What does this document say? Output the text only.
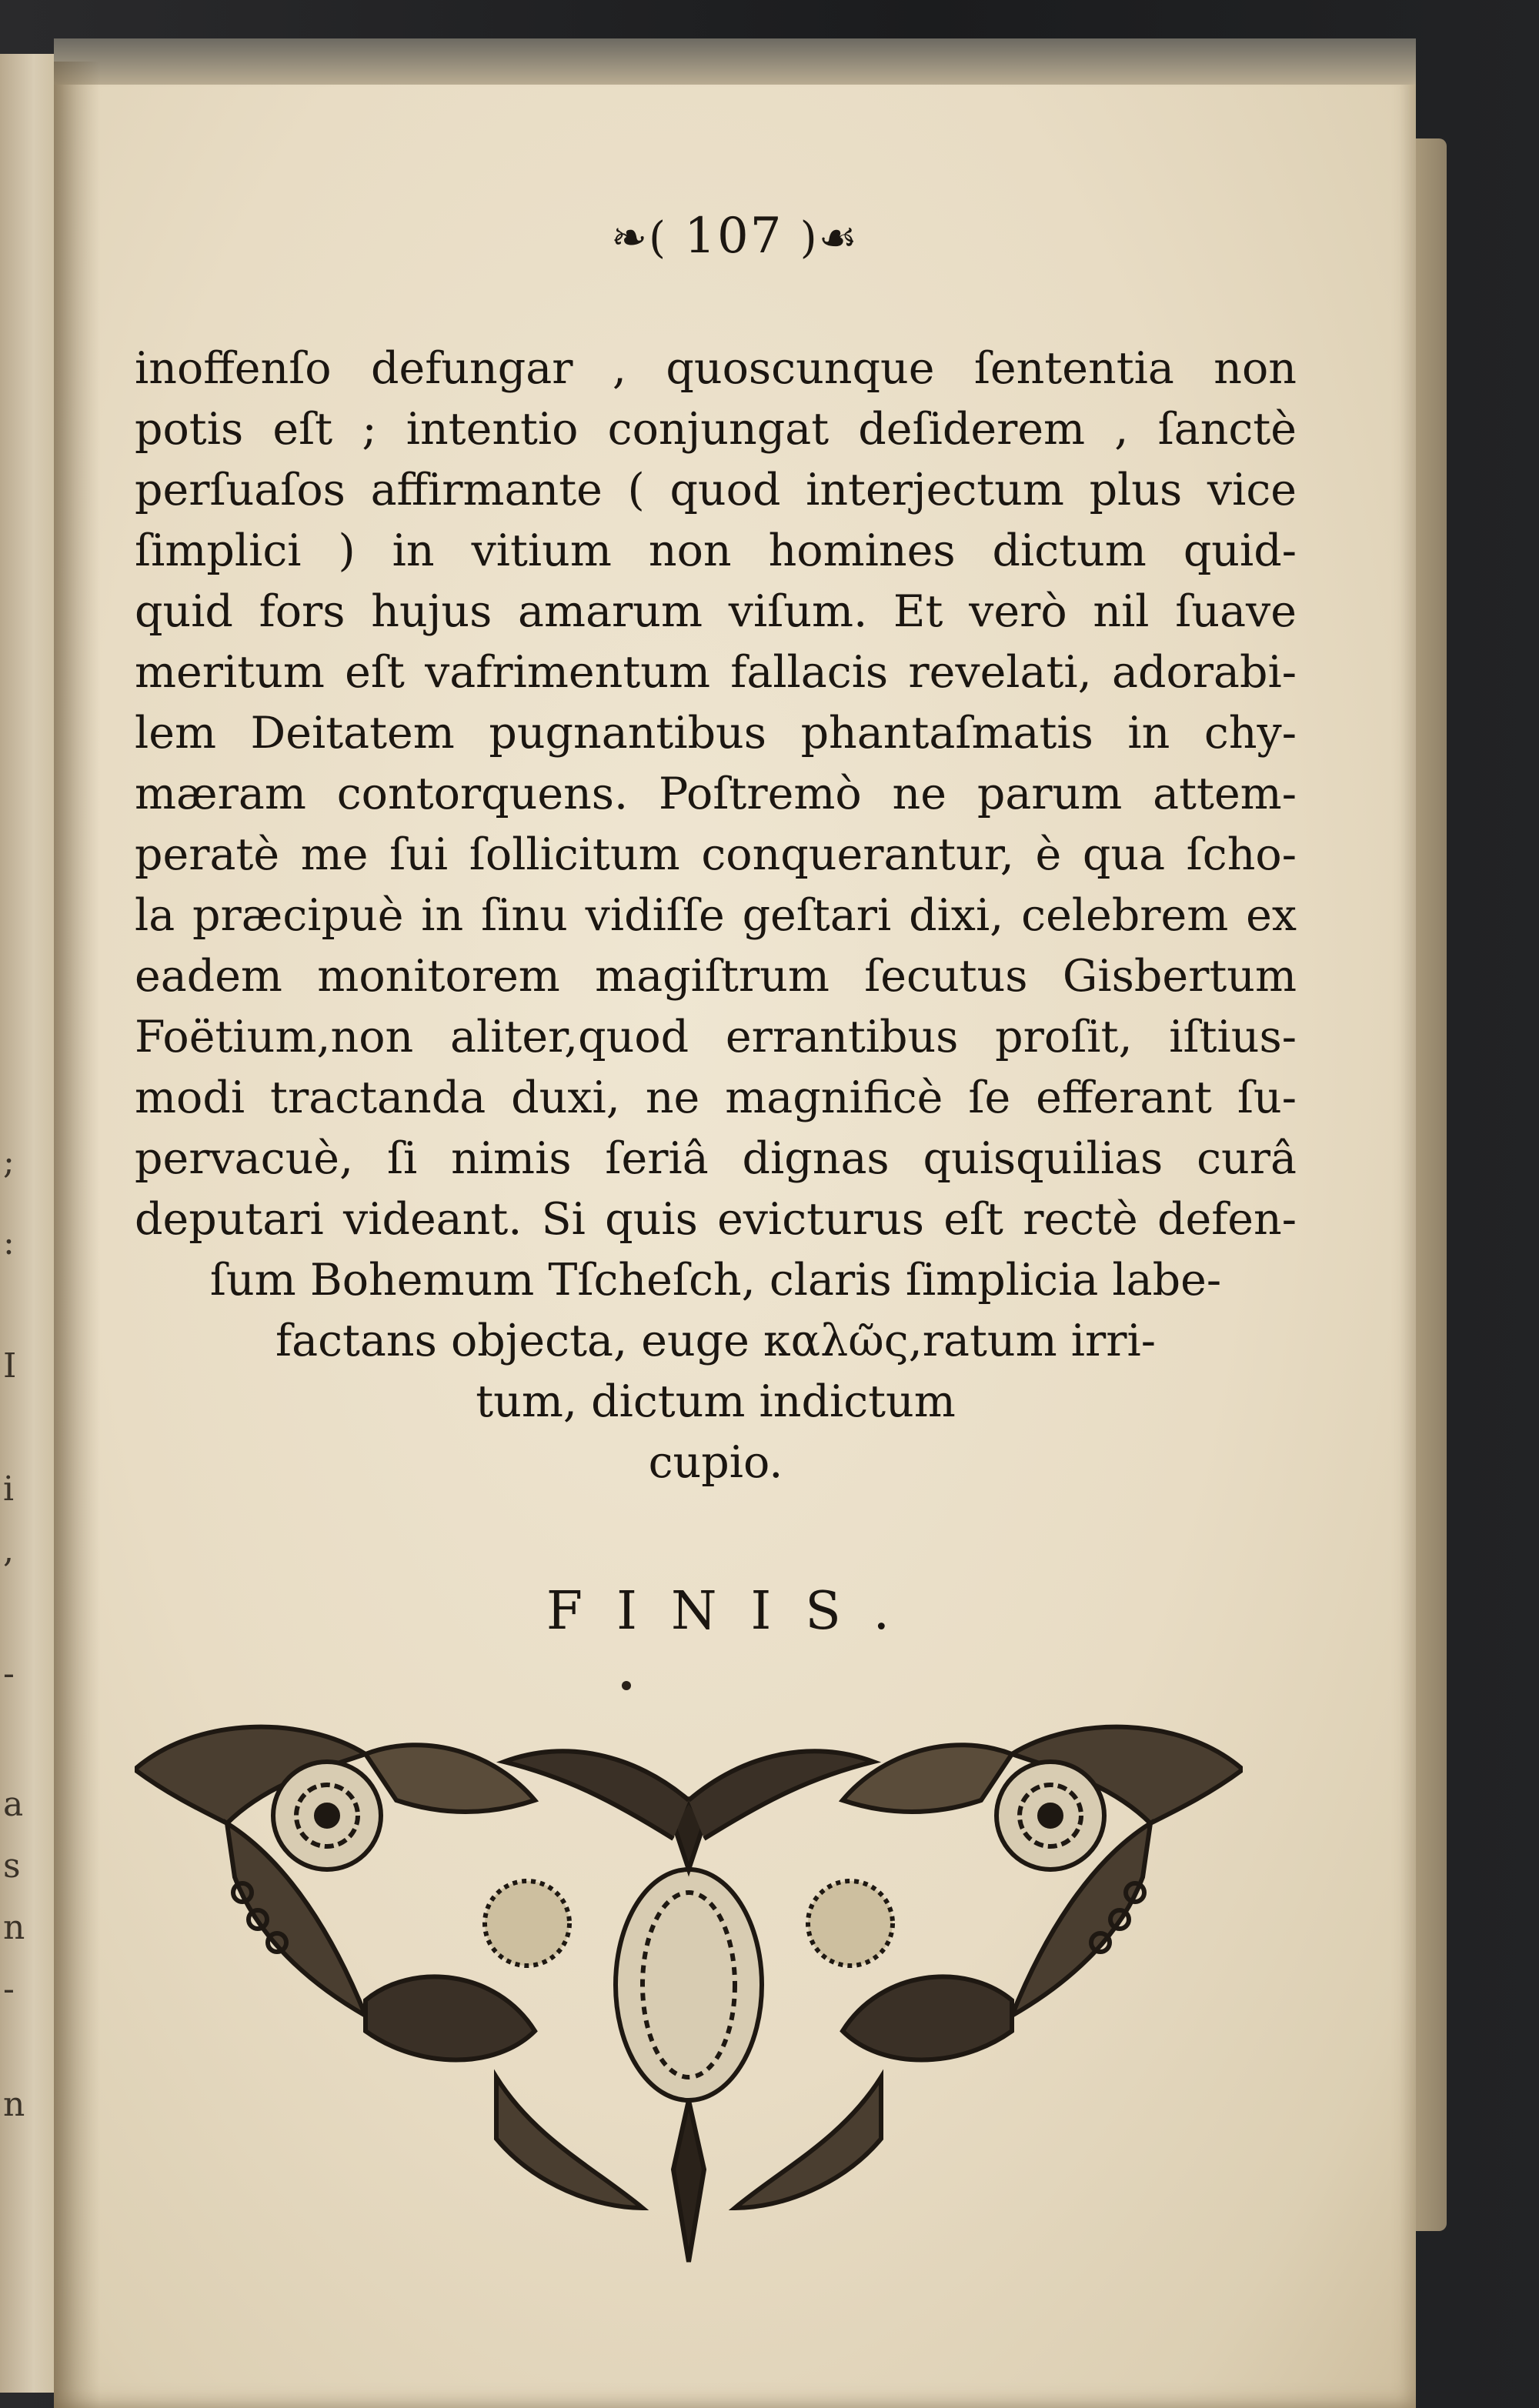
;
:
I
i
,
-
a
s
n
-
n
❧( 107 )☙
inoffenſo defungar , quoscunque ſententia non
potis eſt ; intentio conjungat deſiderem , ſanctè
perſuaſos affirmante ( quod interjectum plus vice
ſimplici ) in vitium non homines dictum quid-
quid fors hujus amarum viſum. Et verò nil ſuave
meritum eſt vafrimentum fallacis revelati, adorabi-
lem Deitatem pugnantibus phantaſmatis in chy-
mæram contorquens. Poſtremò ne parum attem-
peratè me ſui ſollicitum conquerantur, è qua ſcho-
la præcipuè in ſinu vidiſſe geſtari dixi, celebrem ex
eadem monitorem magiſtrum ſecutus Gisbertum
Foëtium,non aliter,quod errantibus proſit, iſtius-
modi tractanda duxi, ne magnificè ſe efferant ſu-
pervacuè, ſi nimis ſeriâ dignas quisquilias curâ
deputari videant. Si quis evicturus eſt rectè defen-
ſum Bohemum Tſcheſch, claris ſimplicia labe-
factans objecta, euge καλῶς,ratum irri-
tum, dictum indictum
cupio.
FINIS.
